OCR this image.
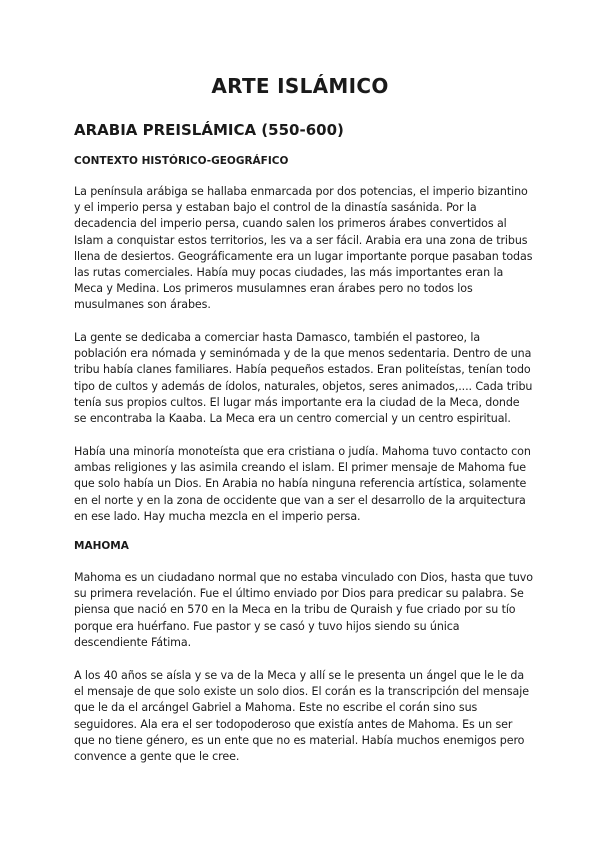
ARTE ISLÁMICO
ARABIA PREISLÁMICA (550-600)
CONTEXTO HISTÓRICO-GEOGRÁFICO

La península arábiga se hallaba enmarcada por dos potencias, el imperio bizantino y el imperio persa y estaban bajo el control de la dinastía sasánida. Por la decadencia del imperio persa, cuando salen los primeros árabes convertidos al Islam a conquistar estos territorios, les va a ser fácil. Arabia era una zona de tribus llena de desiertos. Geográficamente era un lugar importante porque pasaban todas las rutas comerciales. Había muy pocas ciudades, las más importantes eran la Meca y Medina. Los primeros musulamnes eran árabes pero no todos los musulmanes son árabes.

La gente se dedicaba a comerciar hasta Damasco, también el pastoreo, la población era nómada y seminómada y de la que menos sedentaria. Dentro de una tribu había clanes familiares. Había pequeños estados. Eran politeístas, tenían todo tipo de cultos y además de ídolos, naturales, objetos, seres animados,.... Cada tribu tenía sus propios cultos. El lugar más importante era la ciudad de la Meca, donde se encontraba la Kaaba. La Meca era un centro comercial y un centro espiritual.

Había una minoría monoteísta que era cristiana o judía. Mahoma tuvo contacto con ambas religiones y las asimila creando el islam. El primer mensaje de Mahoma fue que solo había un Dios. En Arabia no había ninguna referencia artística, solamente en el norte y en la zona de occidente que van a ser el desarrollo de la arquitectura en ese lado. Hay mucha mezcla en el imperio persa.

MAHOMA

Mahoma es un ciudadano normal que no estaba vinculado con Dios, hasta que tuvo su primera revelación. Fue el último enviado por Dios para predicar su palabra. Se piensa que nació en 570 en la Meca en la tribu de Quraish y fue criado por su tío porque era huérfano. Fue pastor y se casó y tuvo hijos siendo su única descendiente Fátima.

A los 40 años se aísla y se va de la Meca y allí se le presenta un ángel que le le da el mensaje de que solo existe un solo dios. El corán es la transcripción del mensaje que le da el arcángel Gabriel a Mahoma. Este no escribe el corán sino sus seguidores. Ala era el ser todopoderoso que existía antes de Mahoma. Es un ser que no tiene género, es un ente que no es material. Había muchos enemigos pero convence a gente que le cree.
